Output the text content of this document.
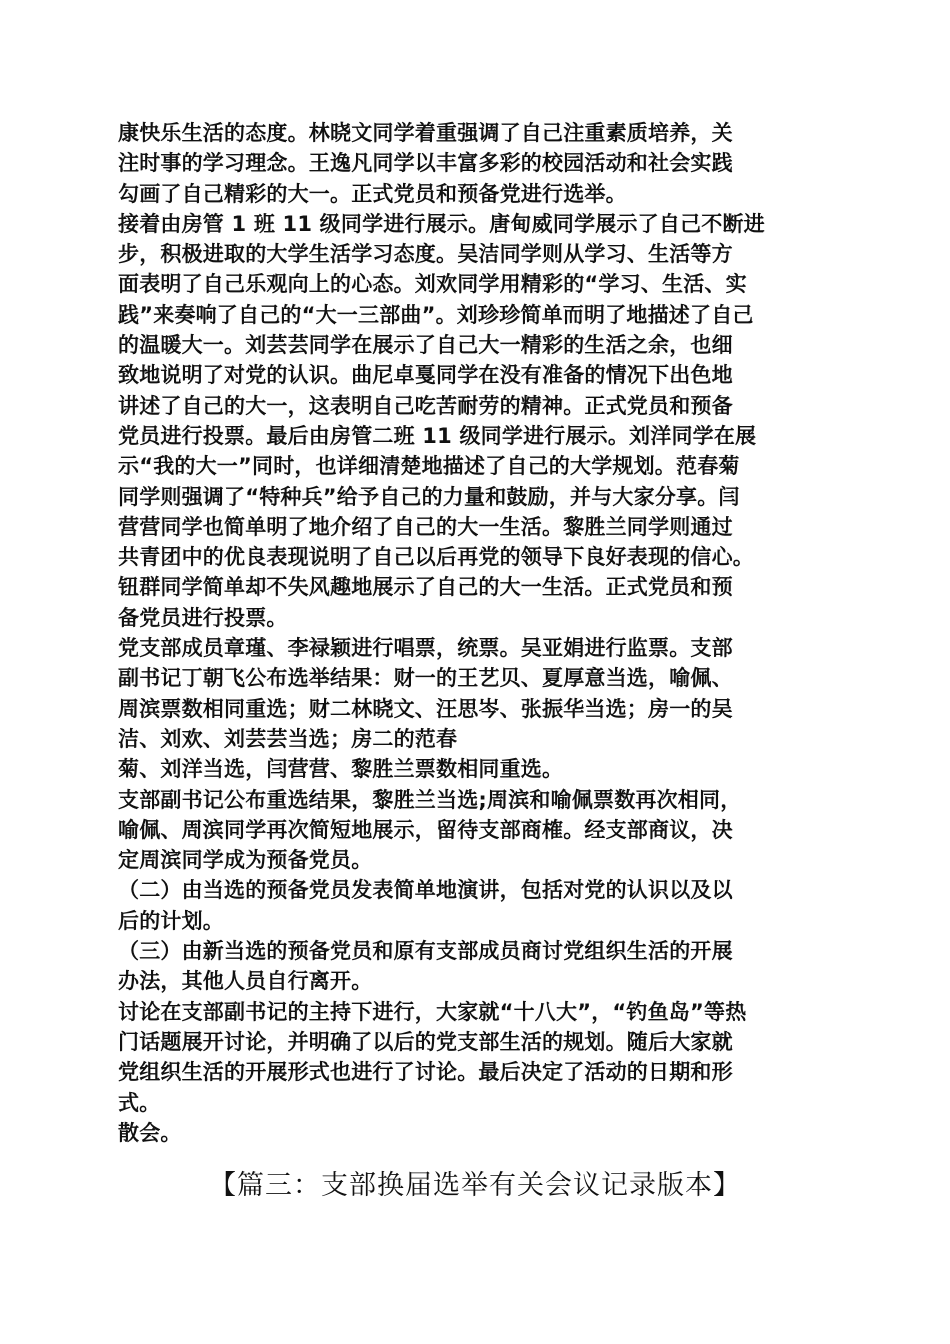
康快乐生活的态度。林晓文同学着重强调了自己注重素质培养，关
注时事的学习理念。王逸凡同学以丰富多彩的校园活动和社会实践
勾画了自己精彩的大一。正式党员和预备党进行选举。

接着由房管 1 班 11 级同学进行展示。唐甸威同学展示了自己不断进
步，积极进取的大学生活学习态度。吴洁同学则从学习、生活等方
面表明了自己乐观向上的心态。刘欢同学用精彩的“学习、生活、实
践”来奏响了自己的“大一三部曲”。刘珍珍简单而明了地描述了自己
的温暖大一。刘芸芸同学在展示了自己大一精彩的生活之余，也细
致地说明了对党的认识。曲尼卓戛同学在没有准备的情况下出色地
讲述了自己的大一，这表明自己吃苦耐劳的精神。正式党员和预备
党员进行投票。最后由房管二班 11 级同学进行展示。刘洋同学在展
示“我的大一”同时，也详细清楚地描述了自己的大学规划。范春菊
同学则强调了“特种兵”给予自己的力量和鼓励，并与大家分享。闫
营营同学也简单明了地介绍了自己的大一生活。黎胜兰同学则通过
共青团中的优良表现说明了自己以后再党的领导下良好表现的信心。
钮群同学简单却不失风趣地展示了自己的大一生活。正式党员和预
备党员进行投票。

党支部成员章瑾、李禄颖进行唱票，统票。吴亚娟进行监票。支部
副书记丁朝飞公布选举结果：财一的王艺贝、夏厚意当选，喻佩、
周滨票数相同重选；财二林晓文、汪思岑、张振华当选；房一的吴
洁、刘欢、刘芸芸当选；房二的范春
菊、刘洋当选，闫营营、黎胜兰票数相同重选。

支部副书记公布重选结果，黎胜兰当选;周滨和喻佩票数再次相同，
喻佩、周滨同学再次简短地展示，留待支部商榷。经支部商议，决
定周滨同学成为预备党员。

（二）由当选的预备党员发表简单地演讲，包括对党的认识以及以
后的计划。

（三）由新当选的预备党员和原有支部成员商讨党组织生活的开展
办法，其他人员自行离开。

讨论在支部副书记的主持下进行，大家就“十八大”，“钓鱼岛”等热
门话题展开讨论，并明确了以后的党支部生活的规划。随后大家就
党组织生活的开展形式也进行了讨论。最后决定了活动的日期和形
式。

散会。

【篇三：支部换届选举有关会议记录版本】
